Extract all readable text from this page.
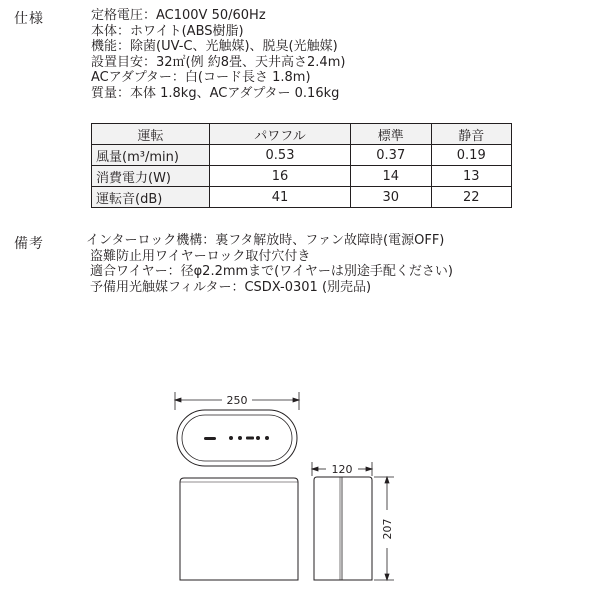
仕様	定格電圧：AC100V 50/60Hz
本体：ホワイト(ABS樹脂)
機能：除菌(UV-C、光触媒)、脱臭(光触媒)
設置目安：32㎡(例 約8畳、天井高さ2.4m)
ACアダプター：白(コード長さ 1.8m)
質量：本体 1.8kg、ACアダプター 0.16kg
運転	パワフル	標準	静音
風量(m³/min)	0.53	0.37	0.19
消費電力(W)	16	14	13
運転音(dB)	41	30	22
備考	インターロック機構：裏フタ解放時、ファン故障時(電源OFF)
盗難防止用ワイヤーロック取付穴付き
適合ワイヤー：径φ2.2mmまで(ワイヤーは別途手配ください)
予備用光触媒フィルター：CSDX-0301 (別売品)
250
120
207
